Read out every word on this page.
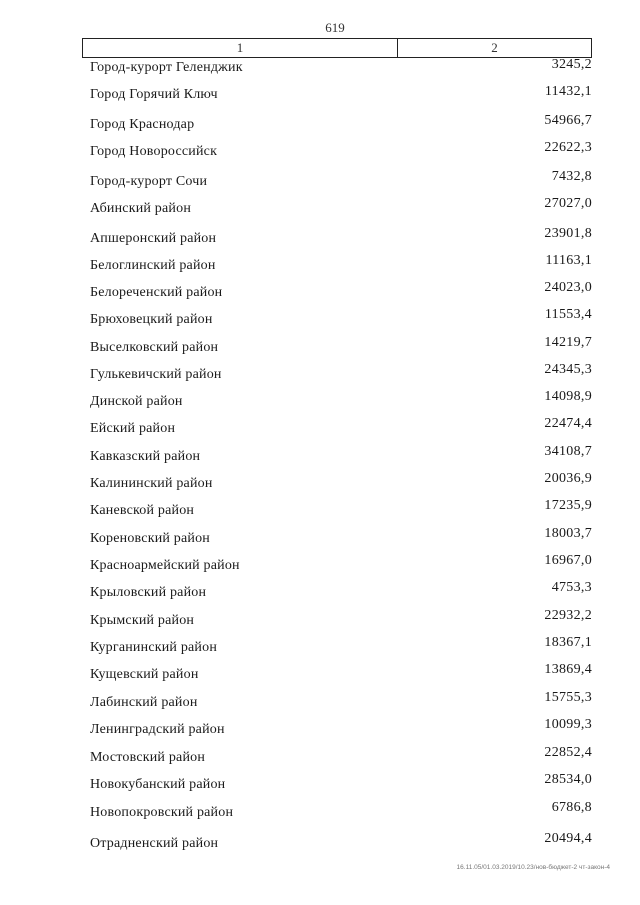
619
1	2
Город-курорт Геленджик	3245,2
Город Горячий Ключ	11432,1
Город Краснодар	54966,7
Город Новороссийск	22622,3
Город-курорт Сочи	7432,8
Абинский район	27027,0
Апшеронский район	23901,8
Белоглинский район	11163,1
Белореченский район	24023,0
Брюховецкий район	11553,4
Выселковский район	14219,7
Гулькевичский район	24345,3
Динской район	14098,9
Ейский район	22474,4
Кавказский район	34108,7
Калининский район	20036,9
Каневской район	17235,9
Кореновский район	18003,7
Красноармейский район	16967,0
Крыловский район	4753,3
Крымский район	22932,2
Курганинский район	18367,1
Кущевский район	13869,4
Лабинский район	15755,3
Ленинградский район	10099,3
Мостовский район	22852,4
Новокубанский район	28534,0
Новопокровский район	6786,8
Отрадненский район	20494,4
16.11.05/01.03.2019/10.23/нов-бюджет-2 чт-закон-4
